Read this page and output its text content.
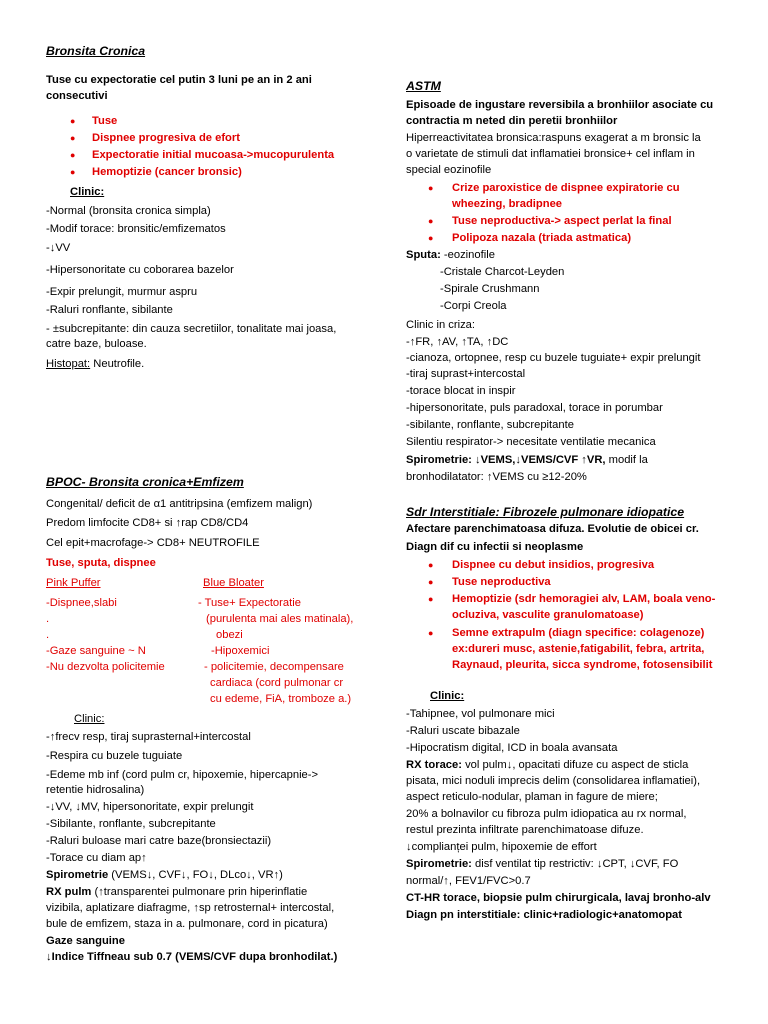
Bronsita Cronica
Tuse cu expectoratie cel putin 3 luni pe an in 2 ani
consecutivi
● Tuse
● Dispnee progresiva de efort
● Expectoratie initial mucoasa->mucopurulenta
● Hemoptizie (cancer bronsic)
Clinic:
-Normal (bronsita cronica simpla)
-Modif torace: bronsitic/emfizematos
-↓VV
-Hipersonoritate cu coborarea bazelor
-Expir prelungit, murmur aspru
-Raluri ronflante, sibilante
- ±subcrepitante: din cauza secretiilor, tonalitate mai joasa,
catre baze, buloase.
Histopat: Neutrofile.
BPOC- Bronsita cronica+Emfizem
Congenital/ deficit de α1 antitripsina (emfizem malign)
Predom limfocite CD8+ si ↑rap CD8/CD4
Cel epit+macrofage-> CD8+ NEUTROFILE
Tuse, sputa, dispnee
Pink Puffer	Blue Bloater
-Dispnee,slabi
.
.
-Gaze sanguine ~ N
-Nu dezvolta policitemie
- Tuse+ Expectoratie
(purulenta mai ales matinala),
obezi
-Hipoxemici
- policitemie, decompensare
cardiaca (cord pulmonar cr
cu edeme, FiA, tromboze a.)
Clinic:
-↑frecv resp, tiraj suprasternal+intercostal
-Respira cu buzele tuguiate
-Edeme mb inf (cord pulm cr, hipoxemie, hipercapnie->
retentie hidrosalina)
-↓VV, ↓MV, hipersonoritate, expir prelungit
-Sibilante, ronflante, subcrepitante
-Raluri buloase mari catre baze(bronsiectazii)
-Torace cu diam ap↑
Spirometrie (VEMS↓, CVF↓, FO↓, DLco↓, VR↑)
RX pulm (↑transparentei pulmonare prin hiperinflatie
vizibila, aplatizare diafragme, ↑sp retrosternal+ intercostal,
bule de emfizem, staza in a. pulmonare, cord in picatura)
Gaze sanguine
↓Indice Tiffneau sub 0.7 (VEMS/CVF dupa bronhodilat.)
ASTM
Episoade de ingustare reversibila a bronhiilor asociate cu
contractia m neted din peretii bronhiilor
Hiperreactivitatea bronsica:raspuns exagerat a m bronsic la
o varietate de stimuli dat inflamatiei bronsice+ cel inflam in
special eozinofile
● Crize paroxistice de dispnee expiratorie cu
wheezing, bradipnee
● Tuse neproductiva-> aspect perlat la final
● Polipoza nazala (triada astmatica)
Sputa: -eozinofile
-Cristale Charcot-Leyden
-Spirale Crushmann
-Corpi Creola
Clinic in criza:
-↑FR, ↑AV, ↑TA, ↑DC
-cianoza, ortopnee, resp cu buzele tuguiate+ expir prelungit
-tiraj suprast+intercostal
-torace blocat in inspir
-hipersonoritate, puls paradoxal, torace in porumbar
-sibilante, ronflante, subcrepitante
Silentiu respirator-> necesitate ventilatie mecanica
Spirometrie: ↓VEMS,↓VEMS/CVF ↑VR, modif la
bronhodilatator: ↑VEMS cu ≥12-20%
Sdr Interstitiale: Fibrozele pulmonare idiopatice
Afectare parenchimatoasa difuza. Evolutie de obicei cr.
Diagn dif cu infectii si neoplasme
● Dispnee cu debut insidios, progresiva
● Tuse neproductiva
● Hemoptizie (sdr hemoragiei alv, LAM, boala veno-
ocluziva, vasculite granulomatoase)
● Semne extrapulm (diagn specifice: colagenoze)
ex:dureri musc, astenie,fatigabilit, febra, artrita,
Raynaud, pleurita, sicca syndrome, fotosensibilit
Clinic:
-Tahipnee, vol pulmonare mici
-Raluri uscate bibazale
-Hipocratism digital, ICD in boala avansata
RX torace: vol pulm↓, opacitati difuze cu aspect de sticla
pisata, mici noduli imprecis delim (consolidarea inflamatiei),
aspect reticulo-nodular, plaman in fagure de miere;
20% a bolnavilor cu fibroza pulm idiopatica au rx normal,
restul prezinta infiltrate parenchimatoase difuze.
↓complianței pulm, hipoxemie de effort
Spirometrie: disf ventilat tip restrictiv: ↓CPT, ↓CVF, FO
normal/↑, FEV1/FVC>0.7
CT-HR torace, biopsie pulm chirurgicala, lavaj bronho-alv
Diagn pn interstitiale: clinic+radiologic+anatomopat
